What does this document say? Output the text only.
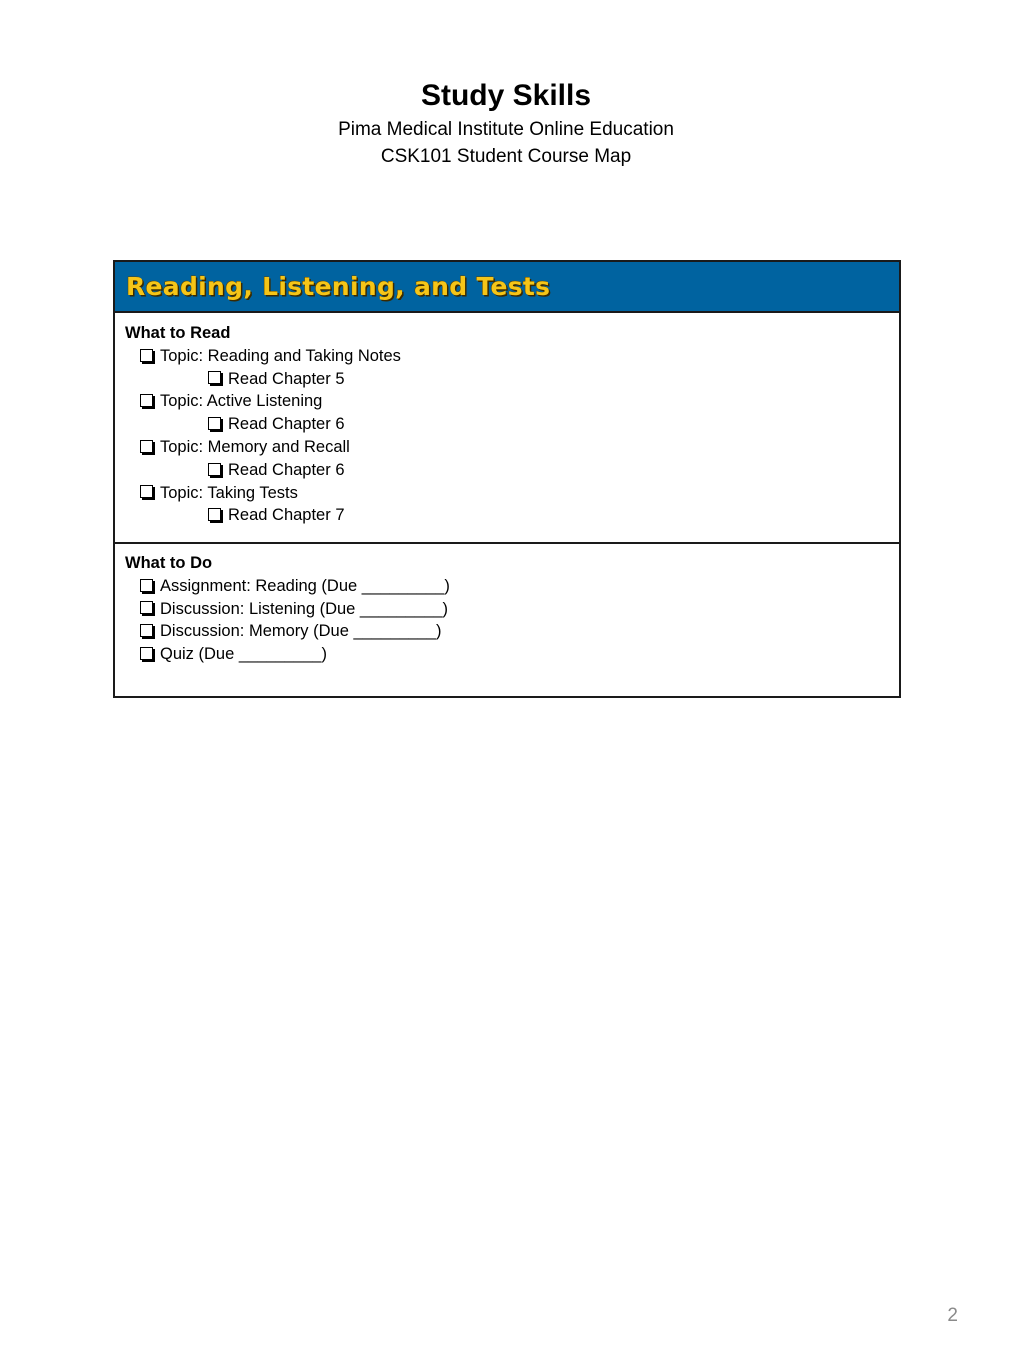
Study Skills

Pima Medical Institute Online Education

CSK101 Student Course Map

Reading, Listening, and Tests
What to Read
Topic: Reading and Taking Notes
Read Chapter 5
Topic: Active Listening
Read Chapter 6
Topic: Memory and Recall
Read Chapter 6
Topic: Taking Tests
Read Chapter 7
What to Do
Assignment: Reading (Due _________)
Discussion: Listening (Due _________)
Discussion: Memory (Due _________)
Quiz (Due _________)
2
